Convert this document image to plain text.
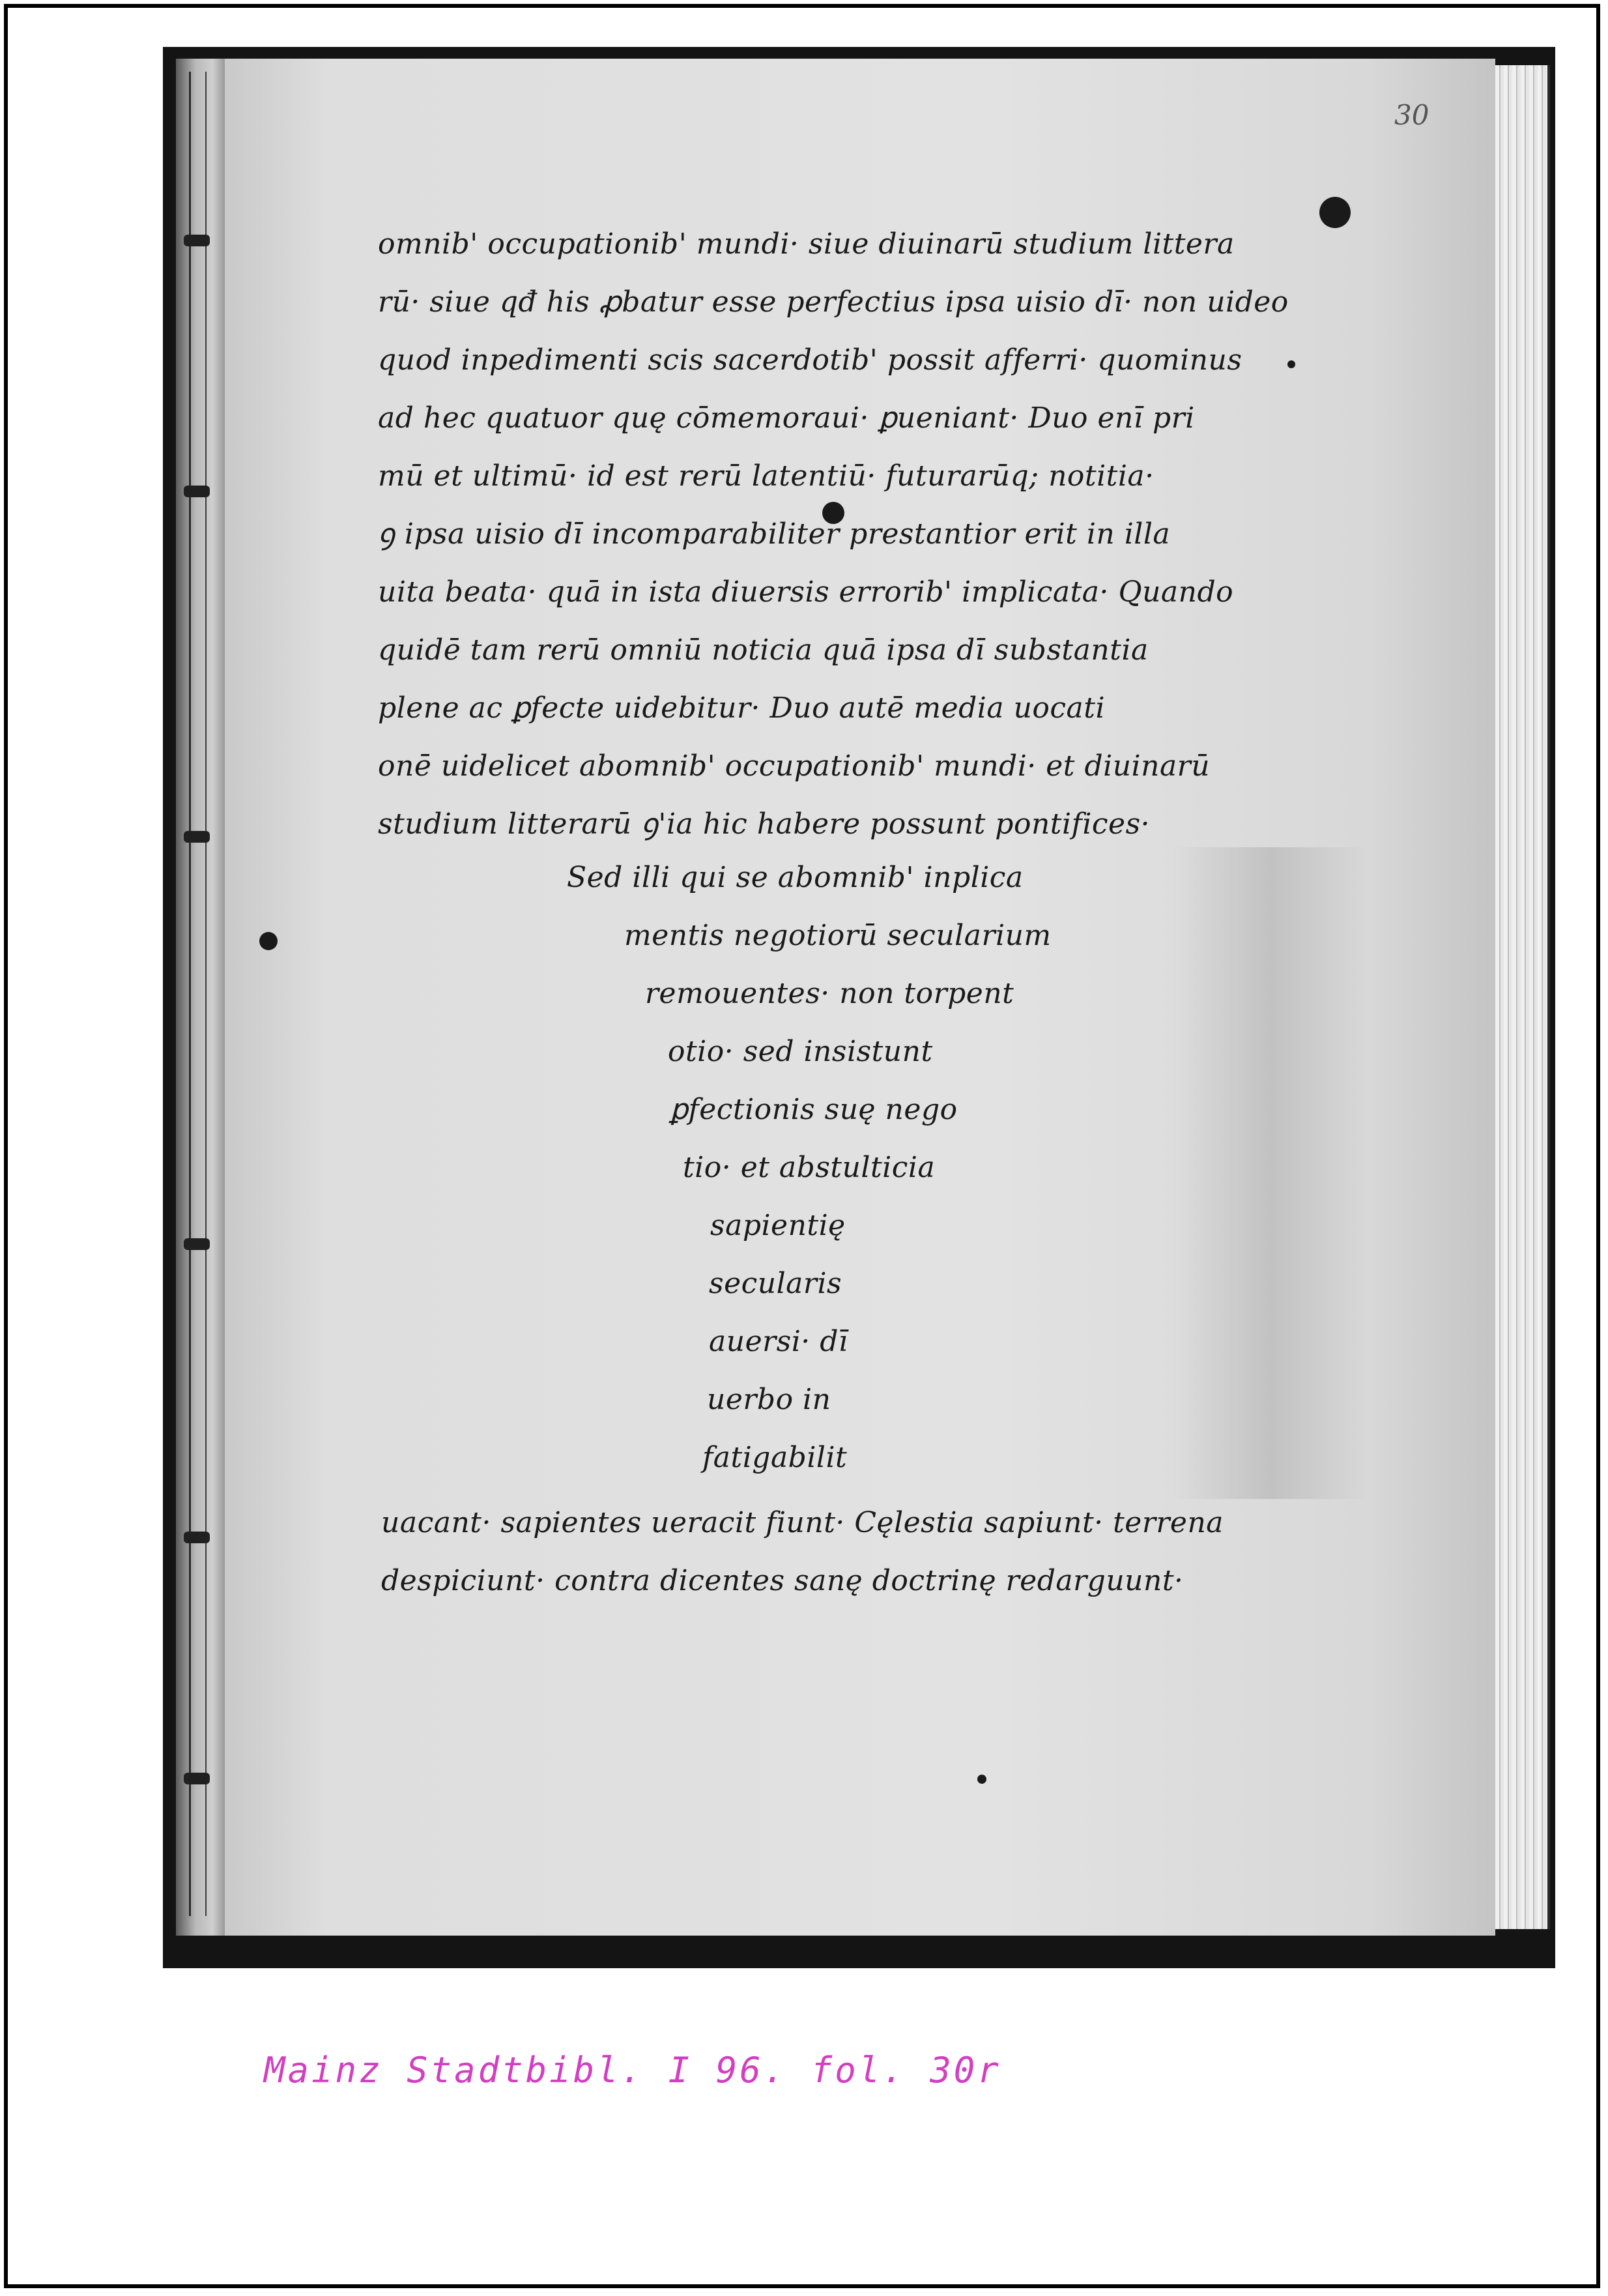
30
omnib' occupationib' mundi· siue diuinarū studium littera
rū· siue qđ his ꝓbatur esse perfectius ipsa uisio dī· non uideo
quod inpedimenti scis sacerdotib' possit afferri· quominus
ad hec quatuor quę cōmemoraui· ꝑueniant· Duo enī pri
mū et ultimū· id est rerū latentiū· futurarūq; notitia·
ꝯ ipsa uisio dī incomparabiliter prestantior erit in illa
uita beata· quā in ista diuersis errorib' implicata· Quando
quidē tam rerū omniū noticia quā ipsa dī substantia
plene ac ꝑfecte uidebitur· Duo autē media uocati
onē uidelicet abomnib' occupationib' mundi· et diuinarū
studium litterarū ꝯ'ia hic habere possunt pontifices·
Sed illi qui se abomnib' inplica
mentis negotiorū secularium
remouentes· non torpent
otio· sed insistunt
ꝑfectionis suę nego
tio· et abstulticia
sapientię
secularis
auersi· dī
uerbo in
fatigabilit
uacant· sapientes ueracit fiunt· Cęlestia sapiunt· terrena
despiciunt· contra dicentes sanę doctrinę redarguunt·
Mainz Stadtbibl. I 96. fol. 30r
